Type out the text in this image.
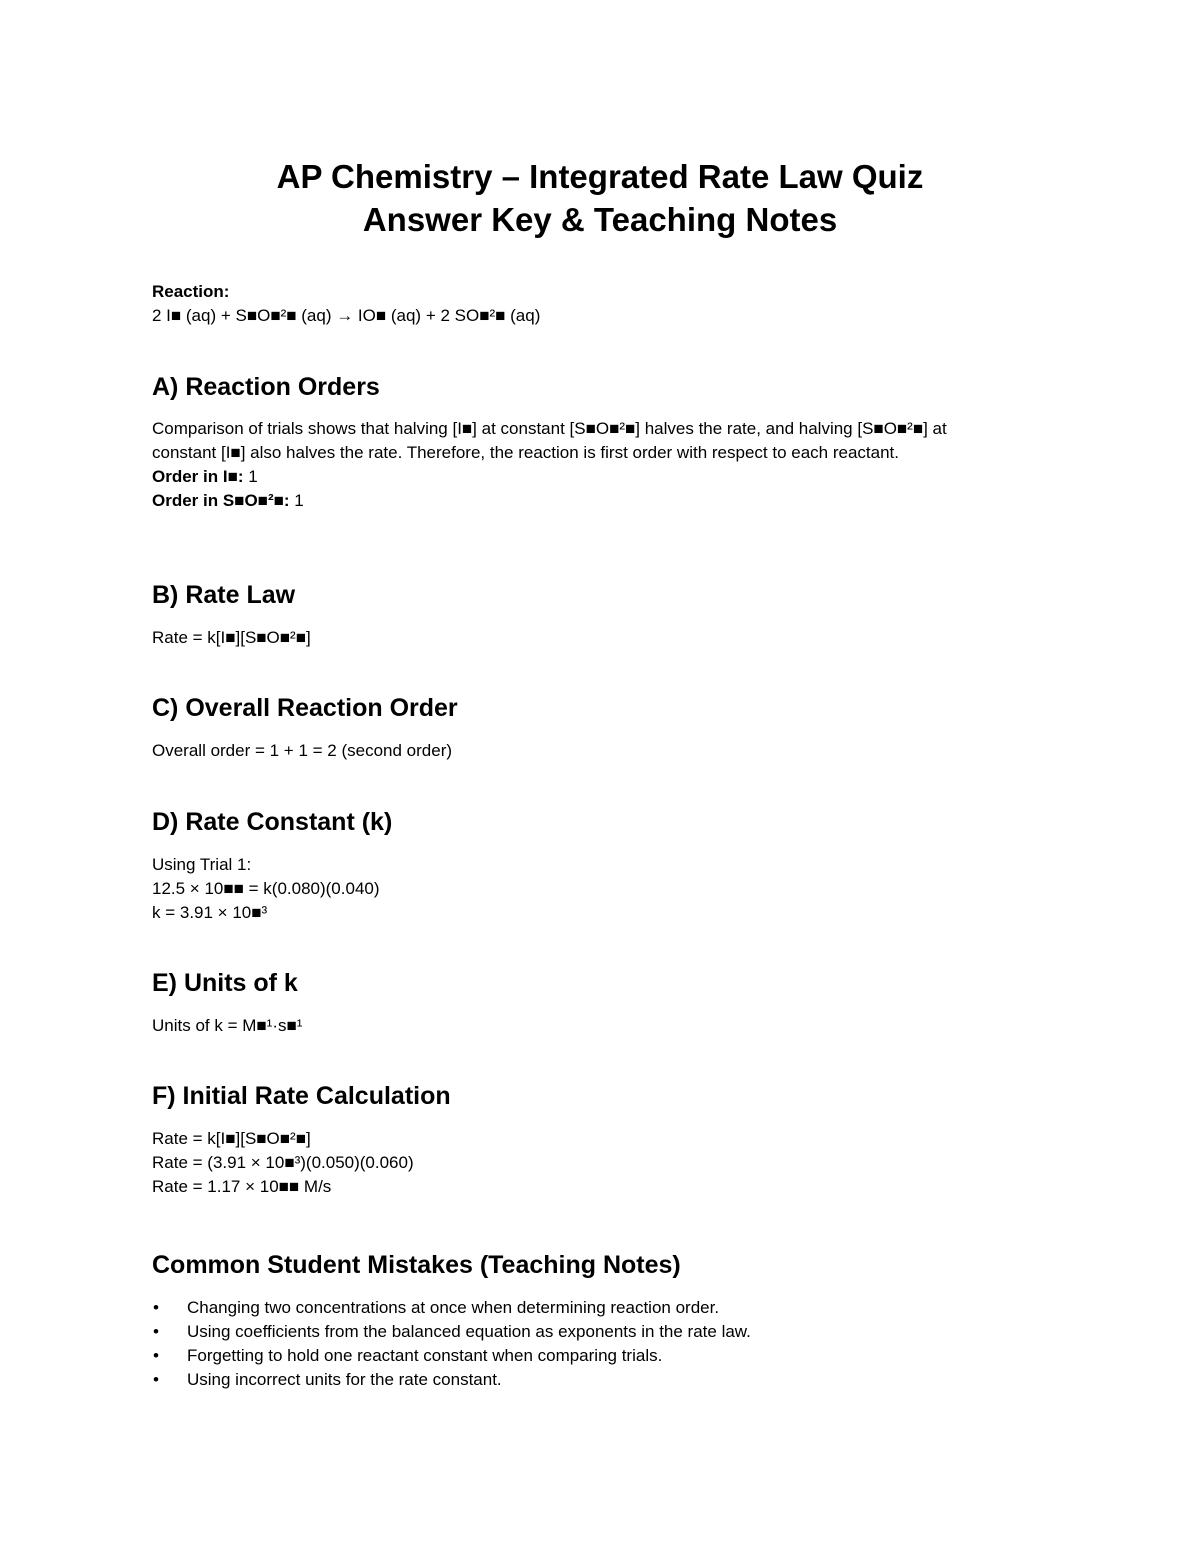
AP Chemistry – Integrated Rate Law Quiz
Answer Key & Teaching Notes
Reaction:
2 I■ (aq) + S■O■²■ (aq) → IO■ (aq) + 2 SO■²■ (aq)
A) Reaction Orders
Comparison of trials shows that halving [I■] at constant [S■O■²■] halves the rate, and halving [S■O■²■] at constant [I■] also halves the rate. Therefore, the reaction is first order with respect to each reactant.
Order in I■: 1
Order in S■O■²■: 1
B) Rate Law
Rate = k[I■][S■O■²■]
C) Overall Reaction Order
Overall order = 1 + 1 = 2 (second order)
D) Rate Constant (k)
Using Trial 1:
12.5 × 10■■ = k(0.080)(0.040)
k = 3.91 × 10■³
E) Units of k
Units of k = M■¹·s■¹
F) Initial Rate Calculation
Rate = k[I■][S■O■²■]
Rate = (3.91 × 10■³)(0.050)(0.060)
Rate = 1.17 × 10■■ M/s
Common Student Mistakes (Teaching Notes)
• Changing two concentrations at once when determining reaction order.
• Using coefficients from the balanced equation as exponents in the rate law.
• Forgetting to hold one reactant constant when comparing trials.
• Using incorrect units for the rate constant.
